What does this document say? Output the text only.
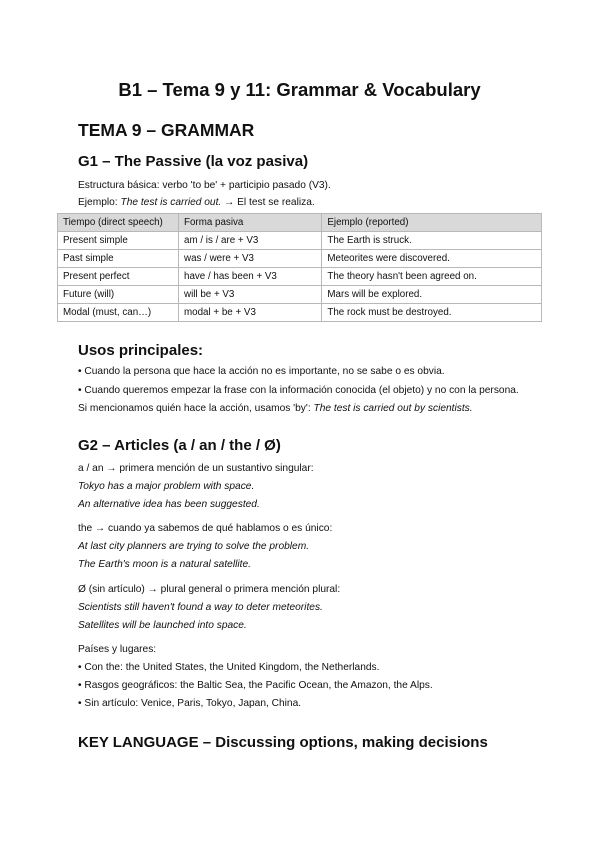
B1 – Tema 9 y 11: Grammar & Vocabulary
TEMA 9 – GRAMMAR
G1 – The Passive (la voz pasiva)
Estructura básica: verbo 'to be' + participio pasado (V3).
Ejemplo: The test is carried out. → El test se realiza.
Tiempo (direct speech)	Forma pasiva	Ejemplo (reported)
Present simple	am / is / are + V3	The Earth is struck.
Past simple	was / were + V3	Meteorites were discovered.
Present perfect	have / has been + V3	The theory hasn't been agreed on.
Future (will)	will be + V3	Mars will be explored.
Modal (must, can…)	modal + be + V3	The rock must be destroyed.
Usos principales:
• Cuando la persona que hace la acción no es importante, no se sabe o es obvia.
• Cuando queremos empezar la frase con la información conocida (el objeto) y no con la persona.
Si mencionamos quién hace la acción, usamos 'by': The test is carried out by scientists.
G2 – Articles (a / an / the / Ø)
a / an → primera mención de un sustantivo singular:
Tokyo has a major problem with space.
An alternative idea has been suggested.
the → cuando ya sabemos de qué hablamos o es único:
At last city planners are trying to solve the problem.
The Earth's moon is a natural satellite.
Ø (sin artículo) → plural general o primera mención plural:
Scientists still haven't found a way to deter meteorites.
Satellites will be launched into space.
Países y lugares:
• Con the: the United States, the United Kingdom, the Netherlands.
• Rasgos geográficos: the Baltic Sea, the Pacific Ocean, the Amazon, the Alps.
• Sin artículo: Venice, Paris, Tokyo, Japan, China.
KEY LANGUAGE – Discussing options, making decisions
